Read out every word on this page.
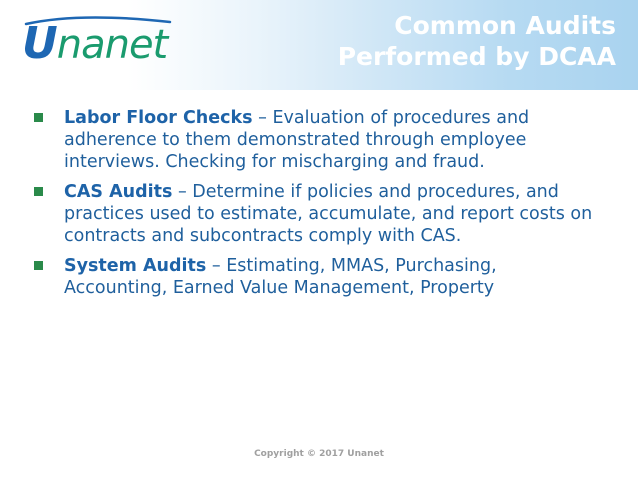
Unanet	Common Audits
Performed by DCAA
Labor Floor Checks – Evaluation of procedures and adherence to them demonstrated through employee interviews. Checking for mischarging and fraud.
CAS Audits – Determine if policies and procedures, and practices used to estimate, accumulate, and report costs on contracts and subcontracts comply with CAS.
System Audits – Estimating, MMAS, Purchasing, Accounting, Earned Value Management, Property
Copyright © 2017 Unanet
